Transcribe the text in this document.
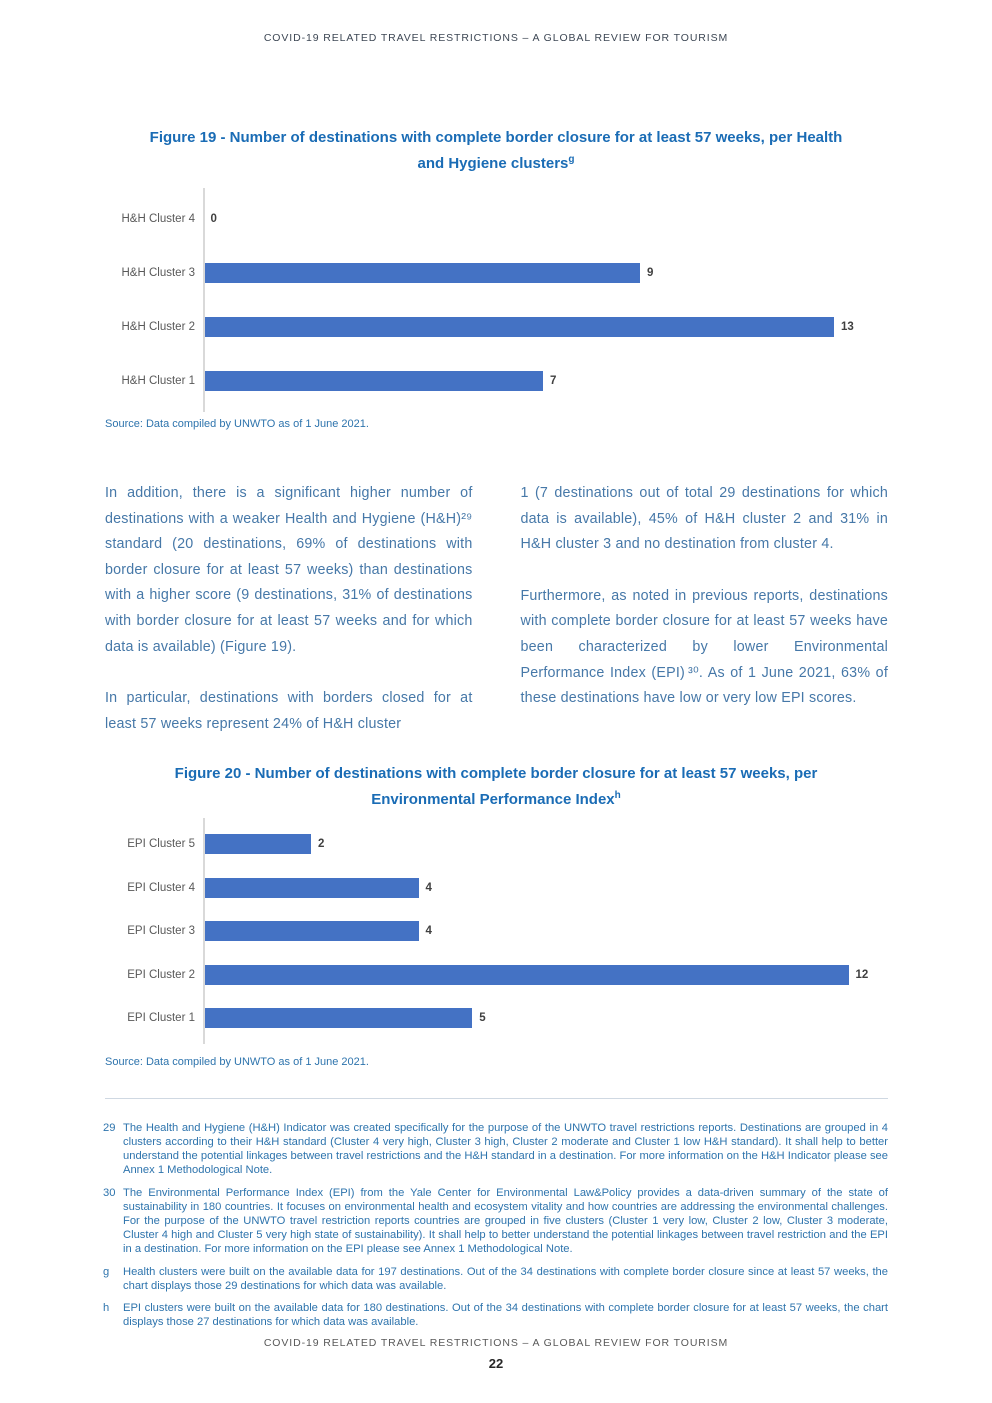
COVID-19 RELATED TRAVEL RESTRICTIONS – A GLOBAL REVIEW FOR TOURISM
Figure 19 - Number of destinations with complete border closure for at least 57 weeks, per Health
and Hygiene clusters$^g$
H&H Cluster 4 0
H&H Cluster 3	9
H&H Cluster 2	13
H&H Cluster 1	7
Source: Data compiled by UNWTO as of 1 June 2021.

In addition, there is a significant higher number of destinations with a weaker Health and Hygiene (H&H)²⁹ standard (20 destinations, 69% of destinations with border closure for at least 57 weeks) than destinations with a higher score (9 destinations, 31% of destinations with border closure for at least 57 weeks and for which data is available) (Figure 19).

In particular, destinations with borders closed for at least 57 weeks represent 24% of H&H cluster

1 (7 destinations out of total 29 destinations for which data is available), 45% of H&H cluster 2 and 31% in H&H cluster 3 and no destination from cluster 4.

Furthermore, as noted in previous reports, destinations with complete border closure for at least 57 weeks have been characterized by lower Environmental Performance Index (EPI) ³⁰. As of 1 June 2021, 63% of these destinations have low or very low EPI scores.

Figure 20 - Number of destinations with complete border closure for at least 57 weeks, per
Environmental Performance Index$^h$
EPI Cluster 5	2
EPI Cluster 4	4
EPI Cluster 3	4
EPI Cluster 2	12
EPI Cluster 1	5
Source: Data compiled by UNWTO as of 1 June 2021.
29 The Health and Hygiene (H&H) Indicator was created specifically for the purpose of the UNWTO travel restrictions reports. Destinations are grouped in 4 clusters according to their H&H standard (Cluster 4 very high, Cluster 3 high, Cluster 2 moderate and Cluster 1 low H&H standard). It shall help to better understand the potential linkages between travel restrictions and the H&H standard in a destination. For more information on the H&H Indicator please see Annex 1 Methodological Note.
30 The Environmental Performance Index (EPI) from the Yale Center for Environmental Law&Policy provides a data-driven summary of the state of sustainability in 180 countries. It focuses on environmental health and ecosystem vitality and how countries are addressing the environmental challenges. For the purpose of the UNWTO travel restriction reports countries are grouped in five clusters (Cluster 1 very low, Cluster 2 low, Cluster 3 moderate, Cluster 4 high and Cluster 5 very high state of sustainability). It shall help to better understand the potential linkages between travel restriction and the EPI in a destination. For more information on the EPI please see Annex 1 Methodological Note.
g	Health clusters were built on the available data for 197 destinations. Out of the 34 destinations with complete border closure since at least 57 weeks, the chart displays those 29 destinations for which data was available.
h	EPI clusters were built on the available data for 180 destinations. Out of the 34 destinations with complete border closure for at least 57 weeks, the chart displays those 27 destinations for which data was available.
COVID-19 RELATED TRAVEL RESTRICTIONS – A GLOBAL REVIEW FOR TOURISM
22
